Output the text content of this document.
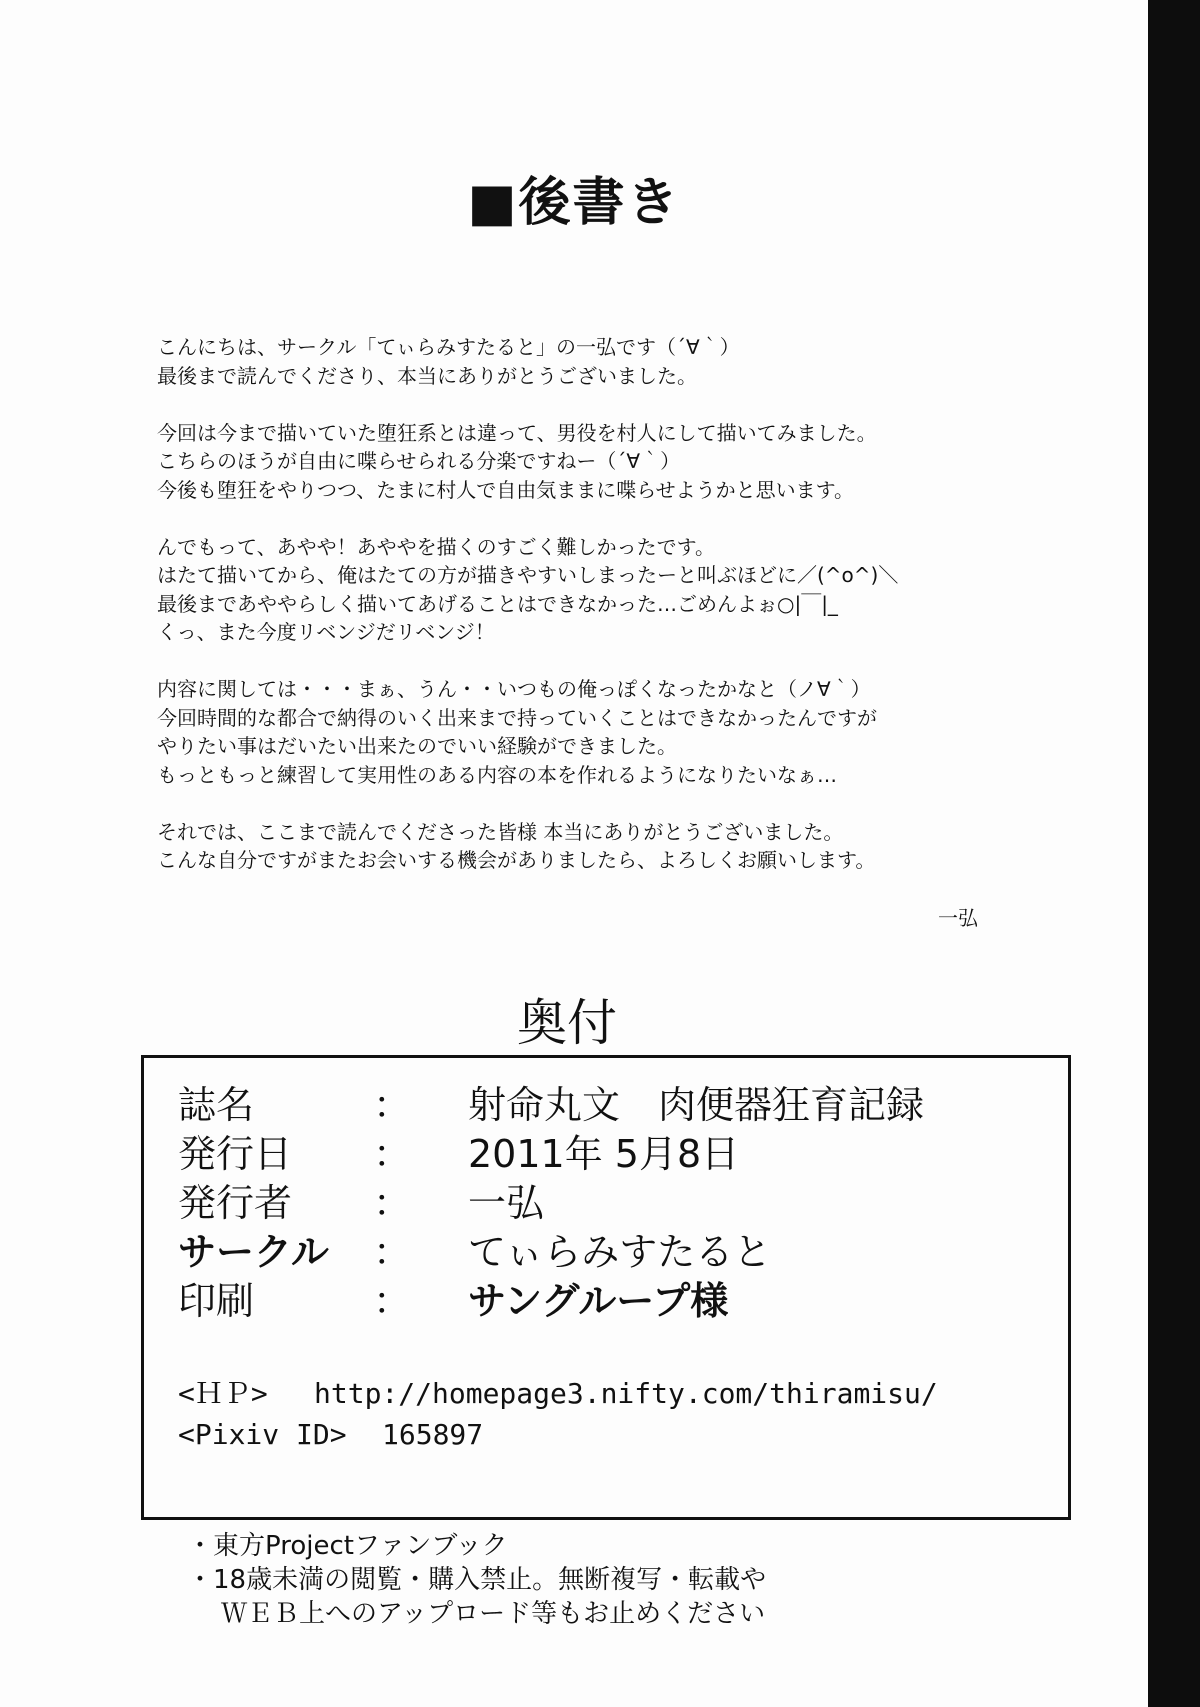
■後書き

こんにちは、サークル「てぃらみすたると」の一弘です（´∀｀）
最後まで読んでくださり、本当にありがとうございました。

今回は今まで描いていた堕狂系とは違って、男役を村人にして描いてみました。
こちらのほうが自由に喋らせられる分楽ですねー（´∀｀）
今後も堕狂をやりつつ、たまに村人で自由気ままに喋らせようかと思います。

んでもって、あやや！あややを描くのすごく難しかったです。
はたて描いてから、俺はたての方が描きやすいしまったーと叫ぶほどに／(^o^)＼
最後まであややらしく描いてあげることはできなかった…ごめんよぉ○|￣|_
くっ、また今度リベンジだリベンジ！

内容に関しては・・・まぁ、うん・・いつもの俺っぽくなったかなと（ノ∀｀）
今回時間的な都合で納得のいく出来まで持っていくことはできなかったんですが
やりたい事はだいたい出来たのでいい経験ができました。
もっともっと練習して実用性のある内容の本を作れるようになりたいなぁ…

それでは、ここまで読んでくださった皆様 本当にありがとうございました。
こんな自分ですがまたお会いする機会がありましたら、よろしくお願いします。

一弘
奥付
誌名	： 射命丸文　肉便器狂育記録
発行日	： 2011年 5月8日
発行者	： 一弘
サークル	： てぃらみすたると
印刷	： サングループ様
<ＨＰ> http://homepage3.nifty.com/thiramisu/
<Pixiv ID> 165897
・東方Projectファンブック
・18歳未満の閲覧・購入禁止。無断複写・転載や
ＷＥＢ上へのアップロード等もお止めください
